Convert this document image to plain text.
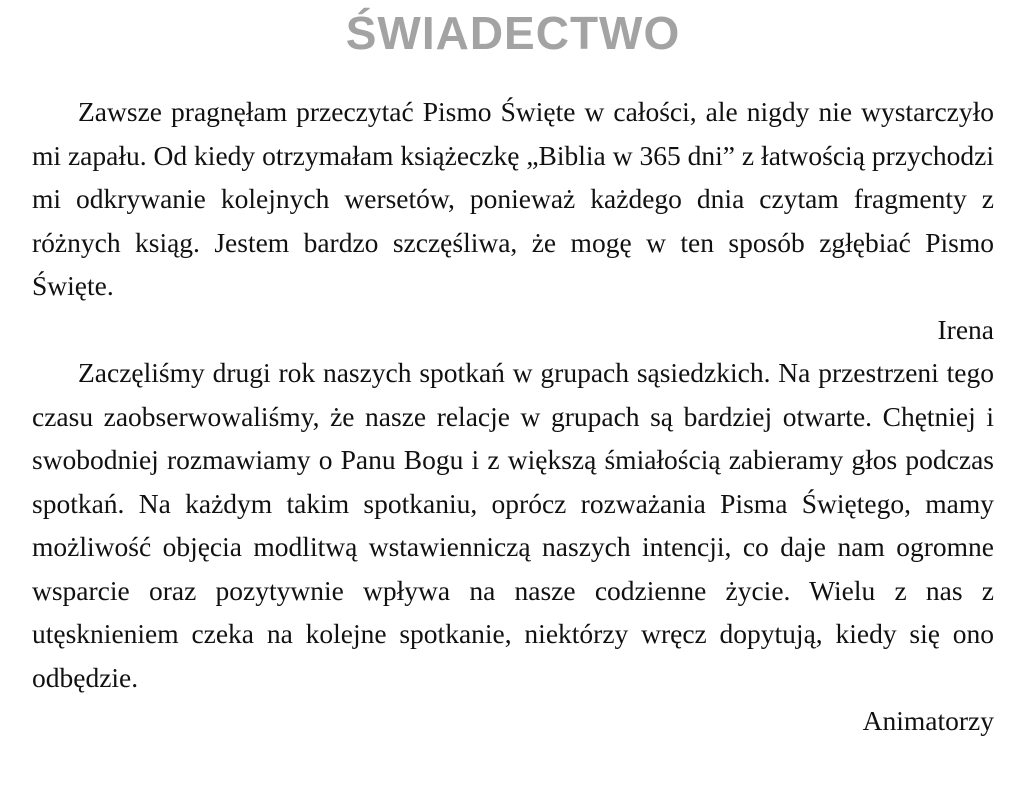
ŚWIADECTWO

Zawsze pragnęłam przeczytać Pismo Święte w całości, ale nigdy nie wystarczyło mi zapału. Od kiedy otrzymałam książeczkę „Biblia w 365 dni” z łatwością przychodzi mi odkrywanie kolejnych wersetów, ponieważ każdego dnia czytam fragmenty z różnych ksiąg. Jestem bardzo szczęśliwa, że mogę w ten sposób zgłębiać Pismo Święte.

Irena

Zaczęliśmy drugi rok naszych spotkań w grupach sąsiedzkich. Na przestrzeni tego czasu zaobserwowaliśmy, że nasze relacje w grupach są bardziej otwarte. Chętniej i swobodniej rozmawiamy o Panu Bogu i z większą śmiałością zabieramy głos podczas spotkań. Na każdym takim spotkaniu, oprócz rozważania Pisma Świętego, mamy możliwość objęcia modlitwą wstawienniczą naszych intencji, co daje nam ogromne wsparcie oraz pozytywnie wpływa na nasze codzienne życie. Wielu z nas z utęsknieniem czeka na kolejne spotkanie, niektórzy wręcz dopytują, kiedy się ono odbędzie.

Animatorzy
